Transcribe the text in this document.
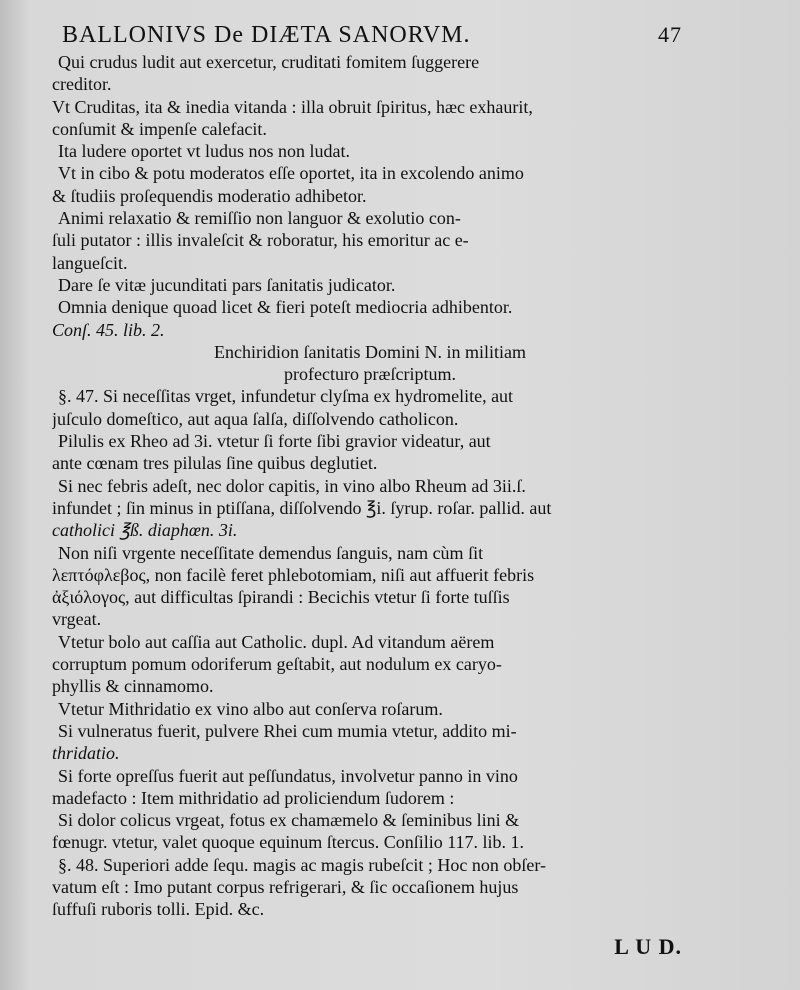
BALLONIVS De DIÆTA SANORVM.	47
Qui crudus ludit aut exercetur, cruditati fomitem ſuggerere
creditor.
Vt Cruditas, ita & inedia vitanda : illa obruit ſpiritus, hæc exhaurit,
conſumit & impenſe calefacit.
Ita ludere oportet vt ludus nos non ludat.
Vt in cibo & potu moderatos eſſe oportet, ita in excolendo animo
& ſtudiis proſequendis moderatio adhibetor.
Animi relaxatio & remiſſio non languor & exolutio con-
ſuli putator : illis invaleſcit & roboratur, his emoritur ac e-
langueſcit.
Dare ſe vitæ jucunditati pars ſanitatis judicator.
Omnia denique quoad licet & fieri poteſt mediocria adhibentor.
Conſ. 45. lib. 2.
Enchiridion ſanitatis Domini N. in militiam
profecturo præſcriptum.
§. 47. Si neceſſitas vrget, infundetur clyſma ex hydromelite, aut
juſculo domeſtico, aut aqua ſalſa, diſſolvendo catholicon.
Pilulis ex Rheo ad 3i. vtetur ſi forte ſibi gravior videatur, aut
ante cœnam tres pilulas ſine quibus deglutiet.
Si nec febris adeſt, nec dolor capitis, in vino albo Rheum ad 3ii.ſ.
infundet ; ſin minus in ptiſſana, diſſolvendo ℥i. ſyrup. roſar. pallid. aut
catholici ℥ß. diaphœn. 3i.
Non niſi vrgente neceſſitate demendus ſanguis, nam cùm ſit
λεπτόφλεβος, non facilè feret phlebotomiam, niſi aut affuerit febris
ἀξιόλογος, aut difficultas ſpirandi : Becichis vtetur ſi forte tuſſis
vrgeat.
Vtetur bolo aut caſſia aut Catholic. dupl. Ad vitandum aërem
corruptum pomum odoriferum geſtabit, aut nodulum ex caryo-
phyllis & cinnamomo.
Vtetur Mithridatio ex vino albo aut conſerva roſarum.
Si vulneratus fuerit, pulvere Rhei cum mumia vtetur, addito mi-
thridatio.
Si forte opreſſus fuerit aut peſſundatus, involvetur panno in vino
madefacto : Item mithridatio ad proliciendum ſudorem :
Si dolor colicus vrgeat, fotus ex chamæmelo & ſeminibus lini &
fœnugr. vtetur, valet quoque equinum ſtercus. Conſilio 117. lib. 1.
§. 48. Superiori adde ſequ. magis ac magis rubeſcit ; Hoc non obſer-
vatum eſt : Imo putant corpus refrigerari, & ſic occaſionem hujus
ſuffuſi ruboris tolli. Epid. &c.
L U D.
